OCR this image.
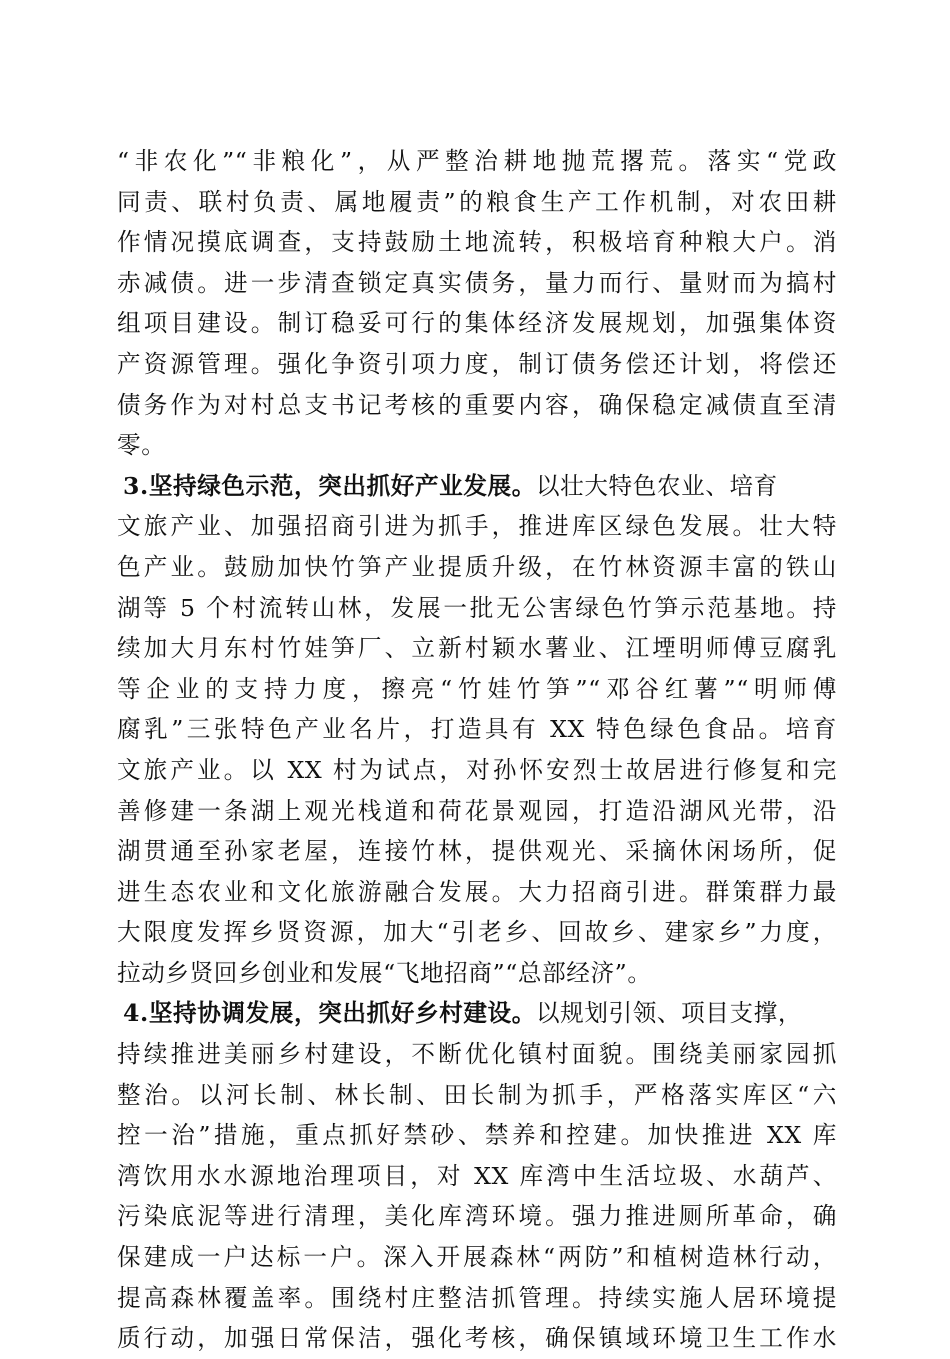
“非农化”“非粮化”，从严整治耕地抛荒撂荒。落实“党政
同责、联村负责、属地履责”的粮食生产工作机制，对农田耕
作情况摸底调查，支持鼓励土地流转，积极培育种粮大户。消
赤减债。进一步清查锁定真实债务，量力而行、量财而为搞村
组项目建设。制订稳妥可行的集体经济发展规划，加强集体资
产资源管理。强化争资引项力度，制订债务偿还计划，将偿还
债务作为对村总支书记考核的重要内容，确保稳定减债直至清
零。
3.坚持绿色示范，突出抓好产业发展。以壮大特色农业、培育
文旅产业、加强招商引进为抓手，推进库区绿色发展。壮大特
色产业。鼓励加快竹笋产业提质升级，在竹林资源丰富的铁山
湖等 5 个村流转山林，发展一批无公害绿色竹笋示范基地。持
续加大月东村竹娃笋厂、立新村颖水薯业、江堙明师傅豆腐乳
等企业的支持力度，擦亮“竹娃竹笋”“邓谷红薯”“明师傅
腐乳”三张特色产业名片，打造具有 XX 特色绿色食品。培育
文旅产业。以 XX 村为试点，对孙怀安烈士故居进行修复和完
善修建一条湖上观光栈道和荷花景观园，打造沿湖风光带，沿
湖贯通至孙家老屋，连接竹林，提供观光、采摘休闲场所，促
进生态农业和文化旅游融合发展。大力招商引进。群策群力最
大限度发挥乡贤资源，加大“引老乡、回故乡、建家乡”力度，
拉动乡贤回乡创业和发展“飞地招商”“总部经济”。
4.坚持协调发展，突出抓好乡村建设。以规划引领、项目支撑，
持续推进美丽乡村建设，不断优化镇村面貌。围绕美丽家园抓
整治。以河长制、林长制、田长制为抓手，严格落实库区“六
控一治”措施，重点抓好禁砂、禁养和控建。加快推进 XX 库
湾饮用水水源地治理项目，对 XX 库湾中生活垃圾、水葫芦、
污染底泥等进行清理，美化库湾环境。强力推进厕所革命，确
保建成一户达标一户。深入开展森林“两防”和植树造林行动，
提高森林覆盖率。围绕村庄整洁抓管理。持续实施人居环境提
质行动，加强日常保洁，强化考核，确保镇域环境卫生工作水
